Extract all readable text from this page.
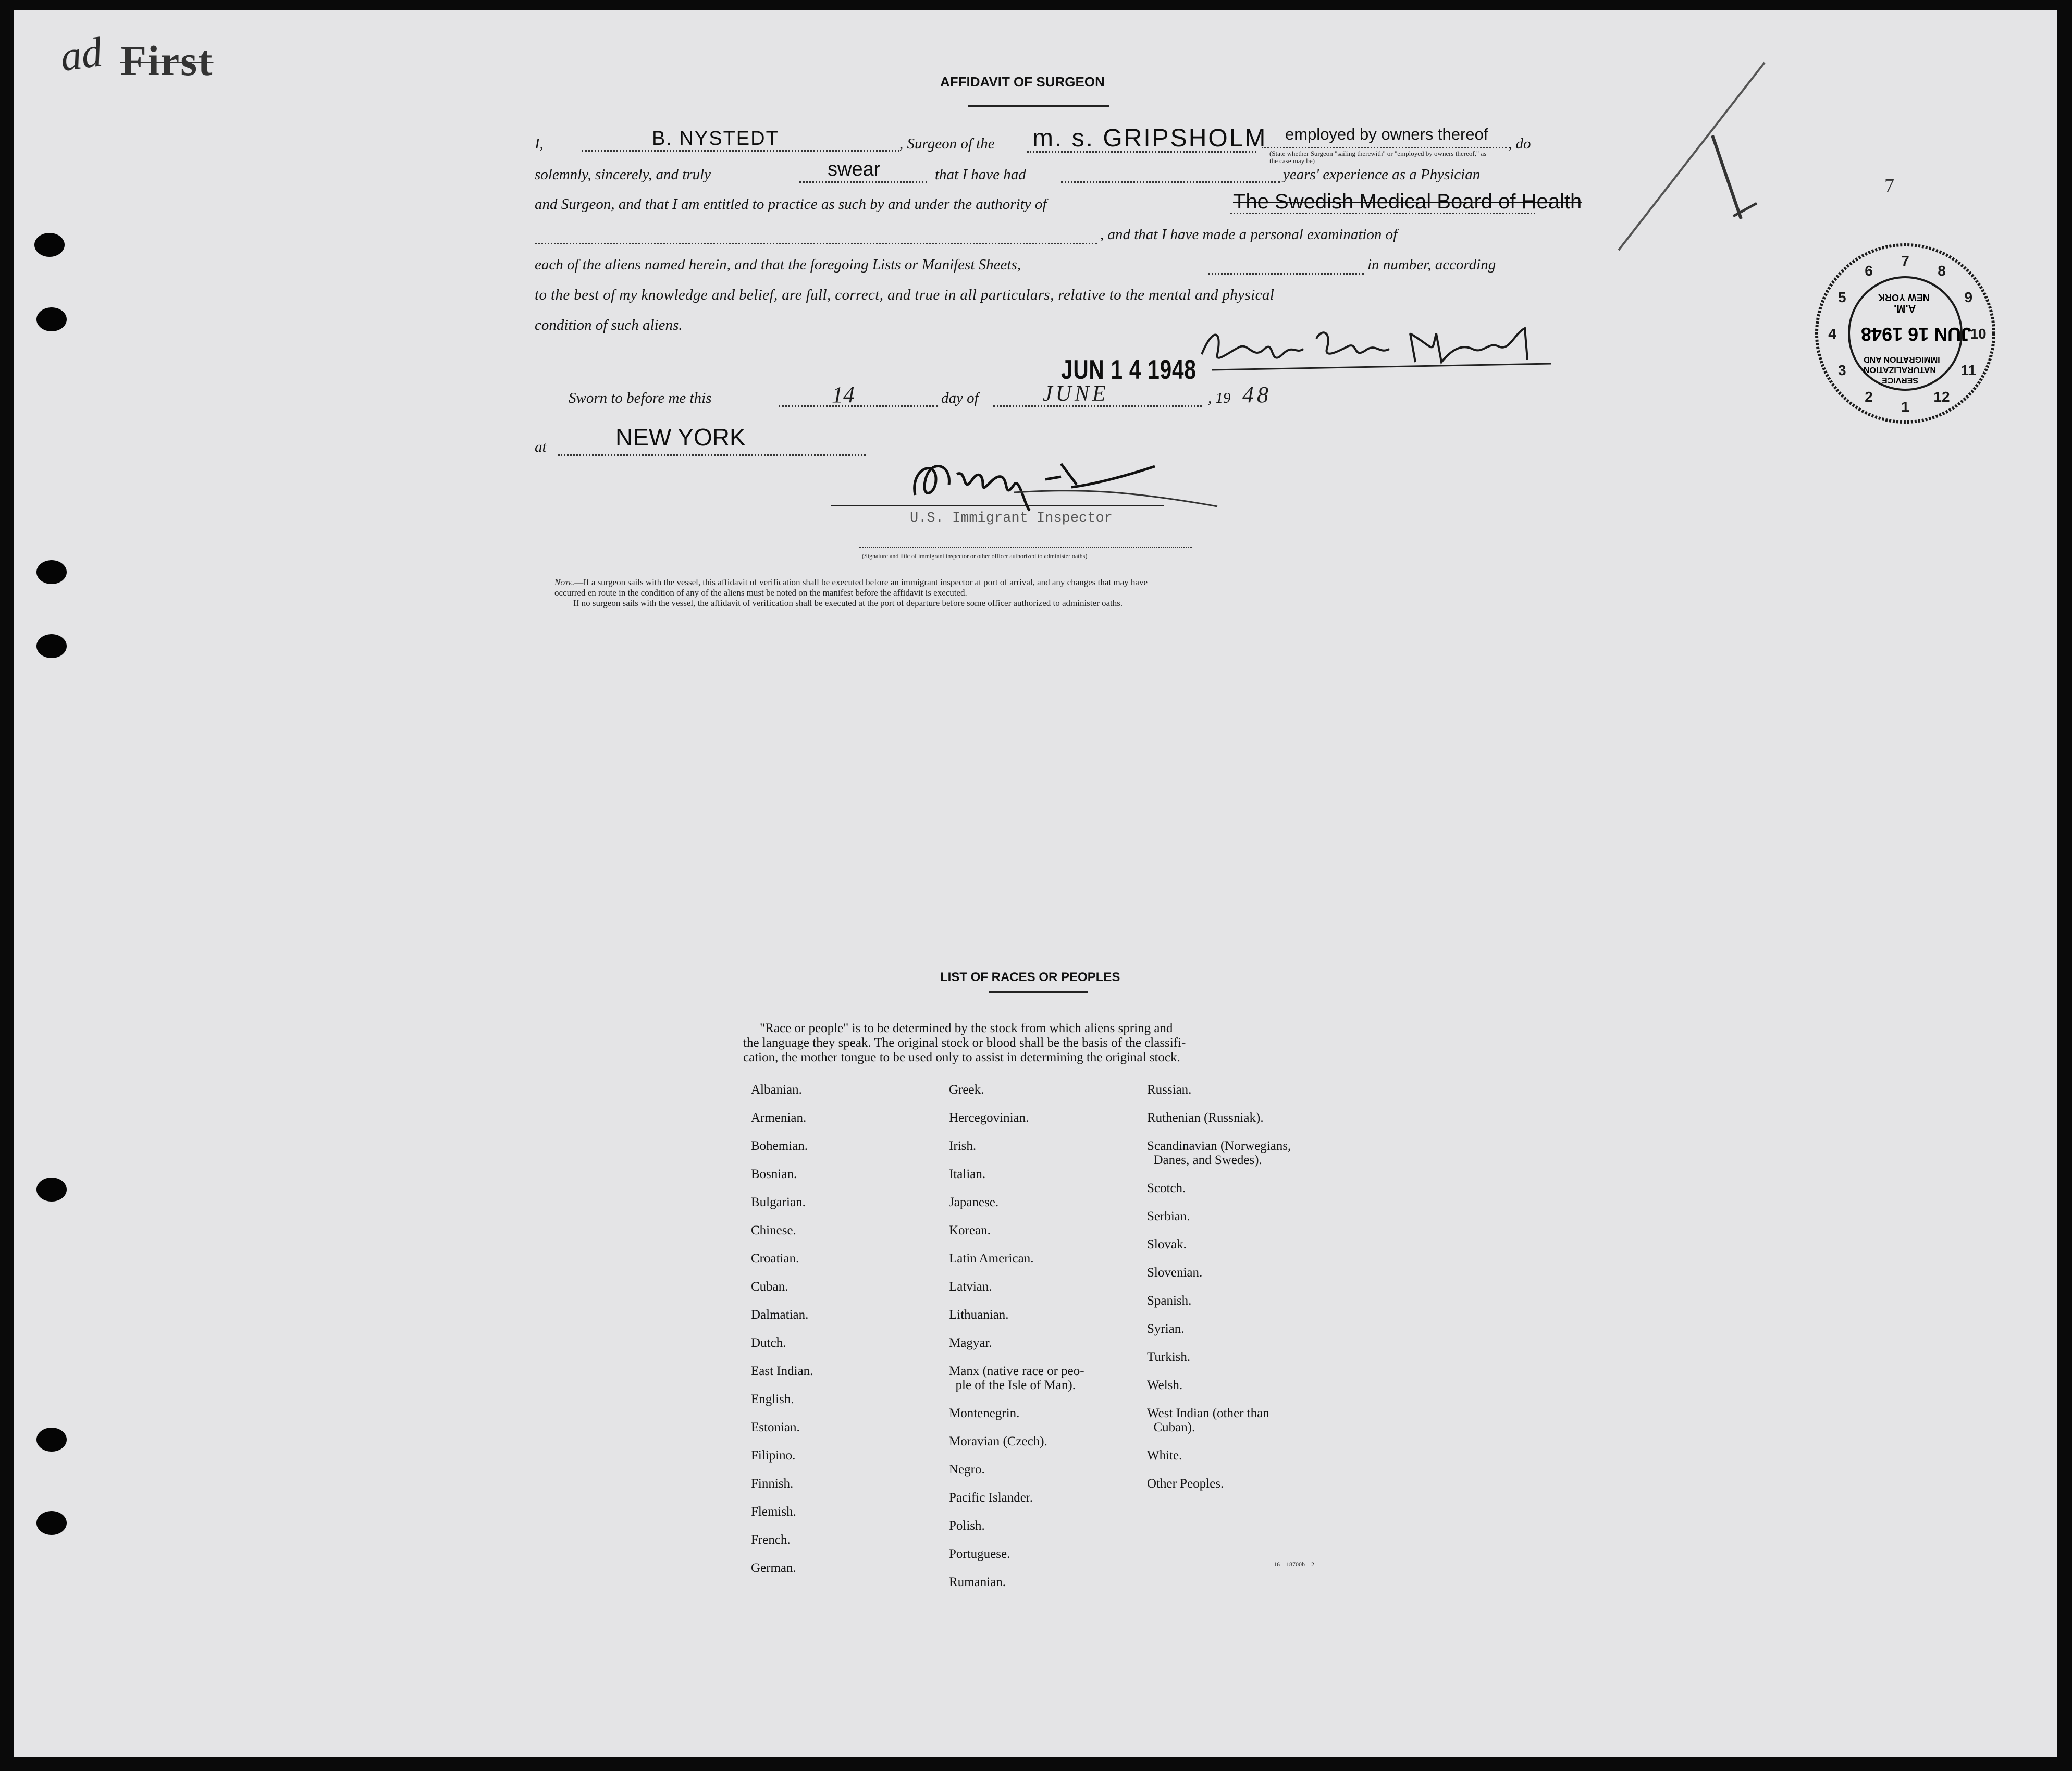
ad First
7
1
2
3
4
5
6
7
8
9
10
11
12
JUN 16 1948
A.M.
NEW YORK
IMMIGRATION AND
NATURALIZATION
SERVICE
AFFIDAVIT OF SURGEON
I,	B. NYSTEDT	, Surgeon of the m. s. GRIPSHOLM employed by owners thereof
(State whether Surgeon "sailing therewith" or "employed by owners thereof," as the case may be)
, do
solemnly, sincerely, and truly	swear	that I have had	years' experience as a Physician
and Surgeon, and that I am entitled to practice as such by and under the authority of	The Swedish Medical Board of Health
, and that I have made a personal examination of
each of the aliens named herein, and that the foregoing Lists or Manifest Sheets,	in number, according
to the best of my knowledge and belief, are full, correct, and true in all particulars, relative to the mental and physical
condition of such aliens.
Sworn to before me this	14	day of	JUNE
JUN 1 4 1948
, 19 48
at	NEW YORK
U.S. Immigrant Inspector
(Signature and title of immigrant inspector or other officer authorized to administer oaths)
Note.—If a surgeon sails with the vessel, this affidavit of verification shall be executed before an immigrant inspector at port of arrival, and any changes that may have
occurred en route in the condition of any of the aliens must be noted on the manifest before the affidavit is executed.
If no surgeon sails with the vessel, the affidavit of verification shall be executed at the port of departure before some officer authorized to administer oaths.
LIST OF RACES OR PEOPLES
"Race or people" is to be determined by the stock from which aliens spring and
the language they speak. The original stock or blood shall be the basis of the classifi-
cation, the mother tongue to be used only to assist in determining the original stock.
Albanian.
Armenian.
Bohemian.
Bosnian.
Bulgarian.
Chinese.
Croatian.
Cuban.
Dalmatian.
Dutch.
East Indian.
English.
Estonian.
Filipino.
Finnish.
Flemish.
French.
German.
Greek.
Hercegovinian.
Irish.
Italian.
Japanese.
Korean.
Latin American.
Latvian.
Lithuanian.
Magyar.
Manx (native race or peo-
ple of the Isle of Man).
Montenegrin.
Moravian (Czech).
Negro.
Pacific Islander.
Polish.
Portuguese.
Rumanian.
Russian.
Ruthenian (Russniak).
Scandinavian (Norwegians,
Danes, and Swedes).
Scotch.
Serbian.
Slovak.
Slovenian.
Spanish.
Syrian.
Turkish.
Welsh.
West Indian (other than
Cuban).
White.
Other Peoples.
16—18700b—2
